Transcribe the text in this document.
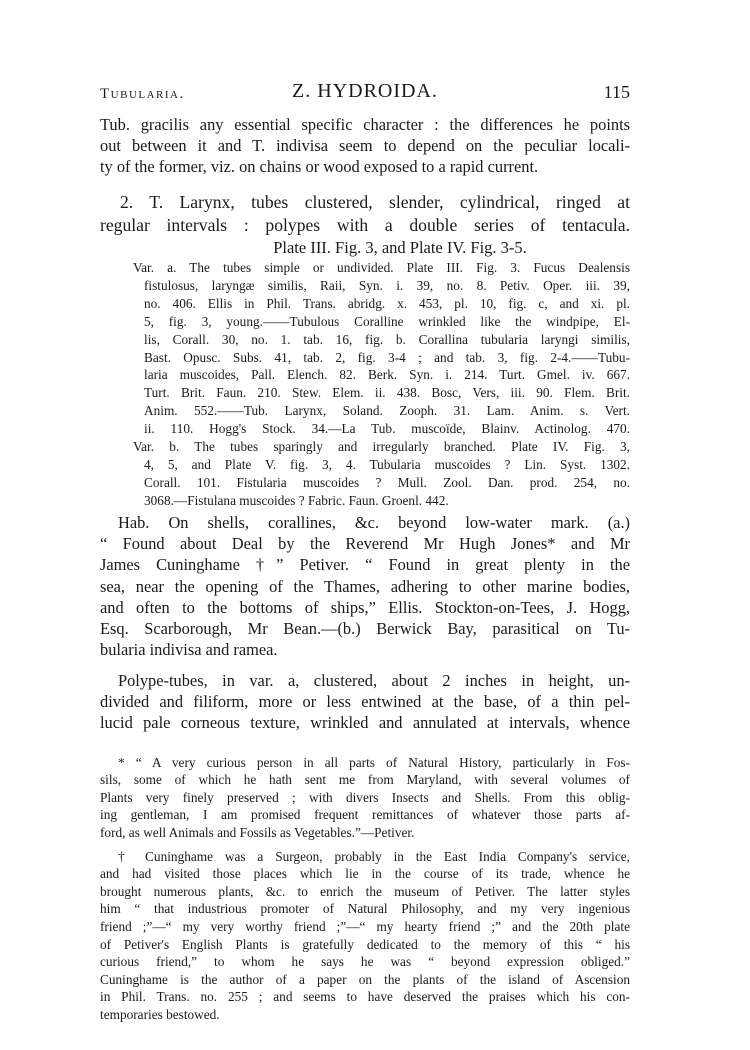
Tubularia.	Z. HYDROIDA.	115
Tub. gracilis any essential specific character : the differences he points
out between it and T. indivisa seem to depend on the peculiar locali-
ty of the former, viz. on chains or wood exposed to a rapid current.
2. T. Larynx, tubes clustered, slender, cylindrical, ringed at
regular intervals : polypes with a double series of tentacula.
Plate III. Fig. 3, and Plate IV. Fig. 3-5.
Var. a. The tubes simple or undivided. Plate III. Fig. 3. Fucus Dealensis
fistulosus, laryngæ similis, Raii, Syn. i. 39, no. 8. Petiv. Oper. iii. 39,
no. 406. Ellis in Phil. Trans. abridg. x. 453, pl. 10, fig. c, and xi. pl.
5, fig. 3, young.——Tubulous Coralline wrinkled like the windpipe, El-
lis, Corall. 30, no. 1. tab. 16, fig. b. Corallina tubularia laryngi similis,
Bast. Opusc. Subs. 41, tab. 2, fig. 3-4 ; and tab. 3, fig. 2-4.——Tubu-
laria muscoides, Pall. Elench. 82. Berk. Syn. i. 214. Turt. Gmel. iv. 667.
Turt. Brit. Faun. 210. Stew. Elem. ii. 438. Bosc, Vers, iii. 90. Flem. Brit.
Anim. 552.——Tub. Larynx, Soland. Zooph. 31. Lam. Anim. s. Vert.
ii. 110. Hogg's Stock. 34.—La Tub. muscoïde, Blainv. Actinolog. 470.
Var. b. The tubes sparingly and irregularly branched. Plate IV. Fig. 3,
4, 5, and Plate V. fig. 3, 4. Tubularia muscoides ? Lin. Syst. 1302.
Corall. 101. Fistularia muscoides ? Mull. Zool. Dan. prod. 254, no.
3068.—Fistulana muscoides ? Fabric. Faun. Groenl. 442.
Hab. On shells, corallines, &c. beyond low-water mark. (a.)
“ Found about Deal by the Reverend Mr Hugh Jones* and Mr
James Cuninghame †” Petiver. “ Found in great plenty in the
sea, near the opening of the Thames, adhering to other marine bodies,
and often to the bottoms of ships,” Ellis. Stockton-on-Tees, J. Hogg,
Esq. Scarborough, Mr Bean.—(b.) Berwick Bay, parasitical on Tu-
bularia indivisa and ramea.
Polype-tubes, in var. a, clustered, about 2 inches in height, un-
divided and filiform, more or less entwined at the base, of a thin pel-
lucid pale corneous texture, wrinkled and annulated at intervals, whence
* “ A very curious person in all parts of Natural History, particularly in Fos-
sils, some of which he hath sent me from Maryland, with several volumes of
Plants very finely preserved ; with divers Insects and Shells. From this oblig-
ing gentleman, I am promised frequent remittances of whatever those parts af-
ford, as well Animals and Fossils as Vegetables.”—Petiver.
† Cuninghame was a Surgeon, probably in the East India Company's service,
and had visited those places which lie in the course of its trade, whence he
brought numerous plants, &c. to enrich the museum of Petiver. The latter styles
him “ that industrious promoter of Natural Philosophy, and my very ingenious
friend ;”—“ my very worthy friend ;”—“ my hearty friend ;” and the 20th plate
of Petiver's English Plants is gratefully dedicated to the memory of this “ his
curious friend,” to whom he says he was “ beyond expression obliged.”
Cuninghame is the author of a paper on the plants of the island of Ascension
in Phil. Trans. no. 255 ; and seems to have deserved the praises which his con-
temporaries bestowed.
